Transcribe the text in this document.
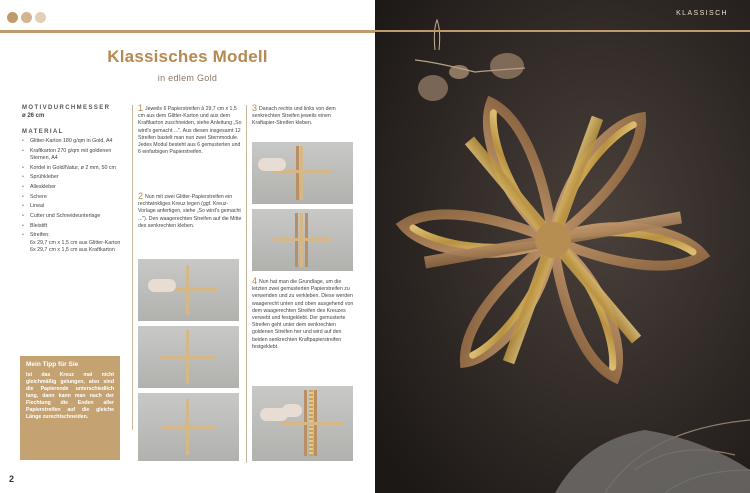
Klassisches Modell
in edlem Gold
MOTIVDURCHMESSER
ø 26 cm
MATERIAL
• Glitter-Karton 180 g/qm in Gold, A4
• Kraftkarton 270 g/qm mit goldenen Sternen, A4
• Kordel in Gold/Natur, ø 2 mm, 50 cm
• Sprühkleber
• Alleskleber
• Schere
• Lineal
• Cutter und Schneideunterlage
• Bleistift
• Streifen:
6x 29,7 cm x 1,5 cm aus Glitter-Karton
6x 29,7 cm x 1,5 cm aus Kraftkarton
Mein Tipp für Sie
Ist das Kreuz mal nicht gleichmäßig gelungen, also sind die Papierende unterschiedlich lang, dann kann man nach der Flechtung die Enden aller Papierstreifen auf die gleiche Länge zurechtschneiden.
1 Jeweils 6 Papierstreifen à 29,7 cm x 1,5 cm aus dem Glitter-Karton und aus dem Kraftkarton zuschneiden, siehe Anleitung „So wird's gemacht ...". Aus diesen insgesamt 12 Streifen bastelt man nun zwei Sternmodule. Jedes Modul besteht aus 6 gemusterten und 6 einfarbigen Papierstreifen.
2 Nun mit zwei Glitter-Papierstreifen ein rechtwinkliges Kreuz legen (ggf. Kreuz-Vorlage anfertigen, siehe „So wird's gemacht ..."). Den waagerechten Streifen auf die Mitte des senkrechten kleben.
3 Danach rechts und links von dem senkrechten Streifen jeweils einen Kraftapier-Streifen kleben.
4 Nun hat man die Grundlage, um die letzten zwei gemusterten Papierstreifen zu verwenden und zu verkleben. Diese werden waagerecht unten und oben ausgehend von dem waagerechten Streifen des Kreuzes verwebt und festgeklebt. Der gemusterte Streifen geht unter dem senkrechten goldenen Streifen her und wird auf den beiden senkrechten Kraftpapierstreifen festgeklebt.
2
KLASSISCH
